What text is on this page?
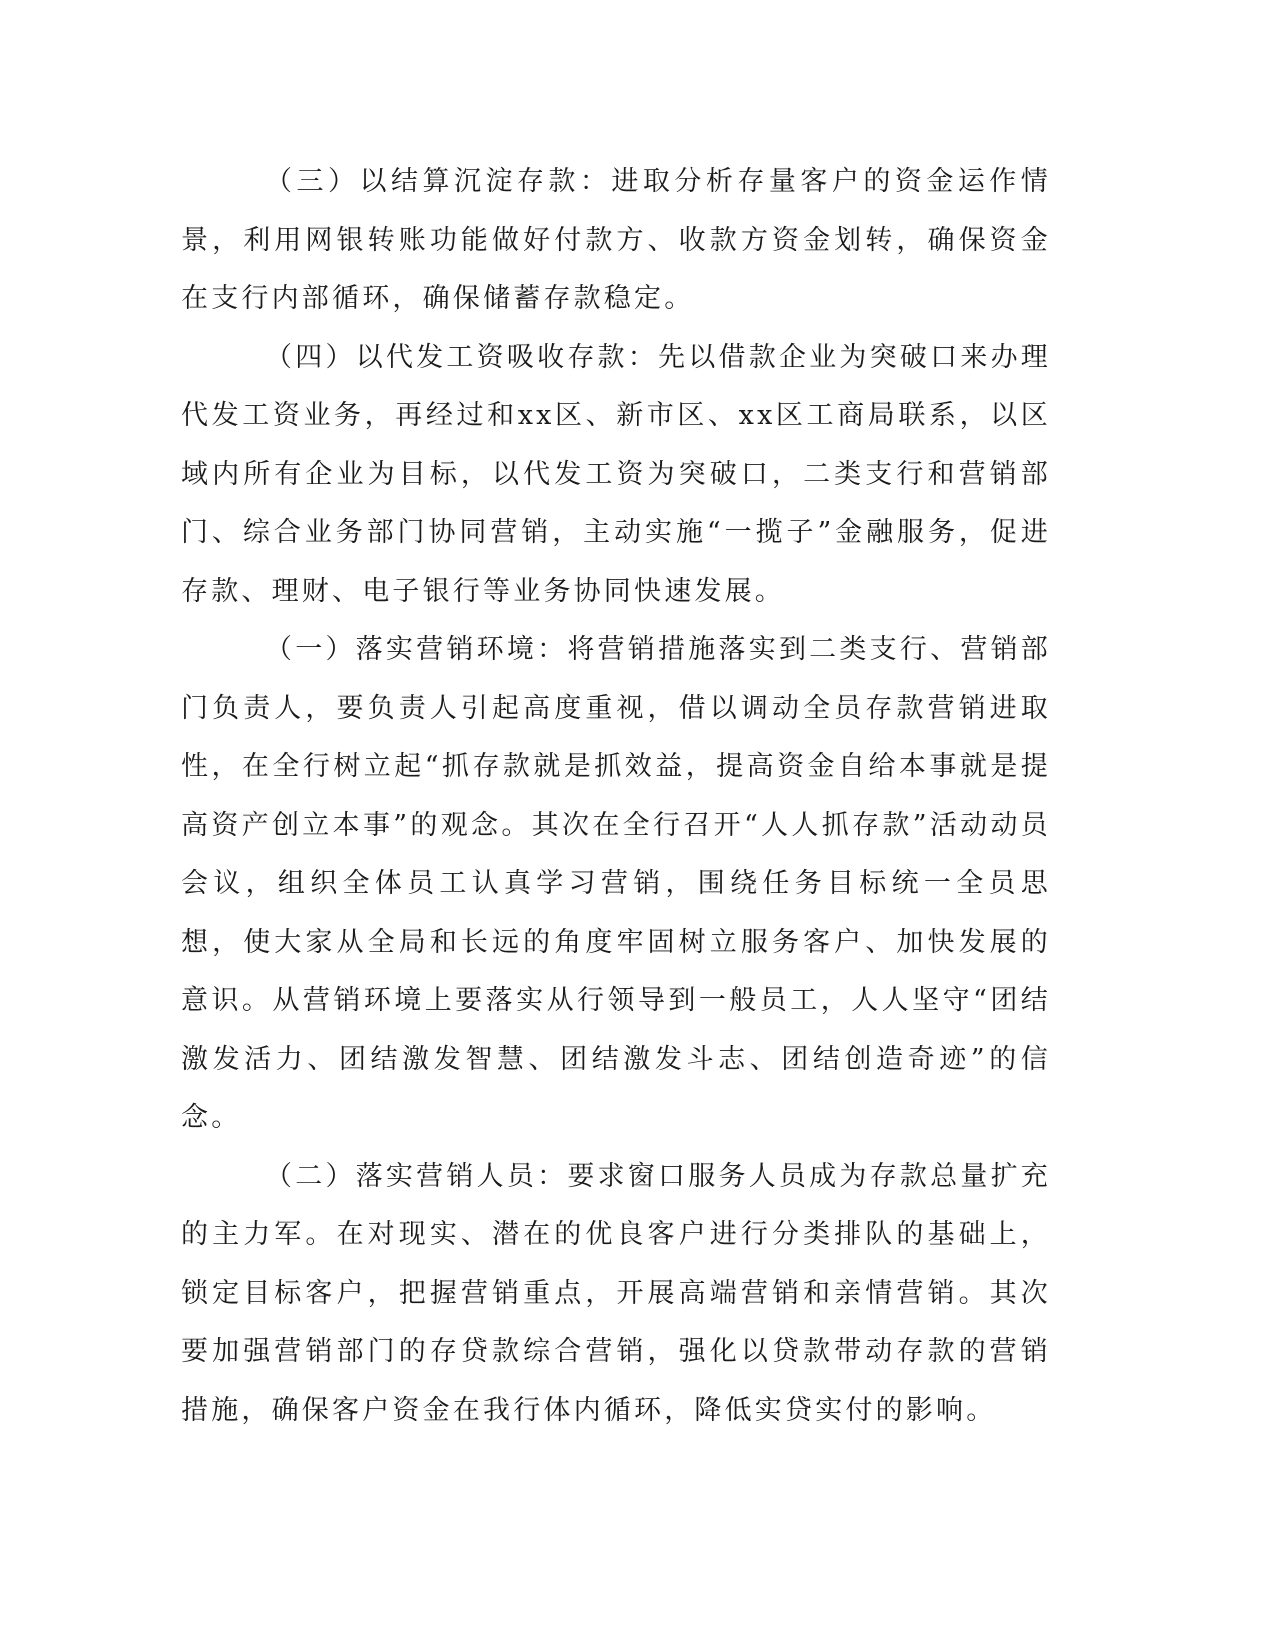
（三）以结算沉淀存款：进取分析存量客户的资金运作情景，利用网银转账功能做好付款方、收款方资金划转，确保资金在支行内部循环，确保储蓄存款稳定。

（四）以代发工资吸收存款：先以借款企业为突破口来办理代发工资业务，再经过和xx区、新市区、xx区工商局联系，以区域内所有企业为目标，以代发工资为突破口，二类支行和营销部门、综合业务部门协同营销，主动实施“一揽子”金融服务，促进存款、理财、电子银行等业务协同快速发展。

（一）落实营销环境：将营销措施落实到二类支行、营销部门负责人，要负责人引起高度重视，借以调动全员存款营销进取性，在全行树立起“抓存款就是抓效益，提高资金自给本事就是提高资产创立本事”的观念。其次在全行召开“人人抓存款”活动动员会议，组织全体员工认真学习营销，围绕任务目标统一全员思想，使大家从全局和长远的角度牢固树立服务客户、加快发展的意识。从营销环境上要落实从行领导到一般员工，人人坚守“团结激发活力、团结激发智慧、团结激发斗志、团结创造奇迹”的信念。

（二）落实营销人员：要求窗口服务人员成为存款总量扩充的主力军。在对现实、潜在的优良客户进行分类排队的基础上，锁定目标客户，把握营销重点，开展高端营销和亲情营销。其次要加强营销部门的存贷款综合营销，强化以贷款带动存款的营销措施，确保客户资金在我行体内循环，降低实贷实付的影响。
